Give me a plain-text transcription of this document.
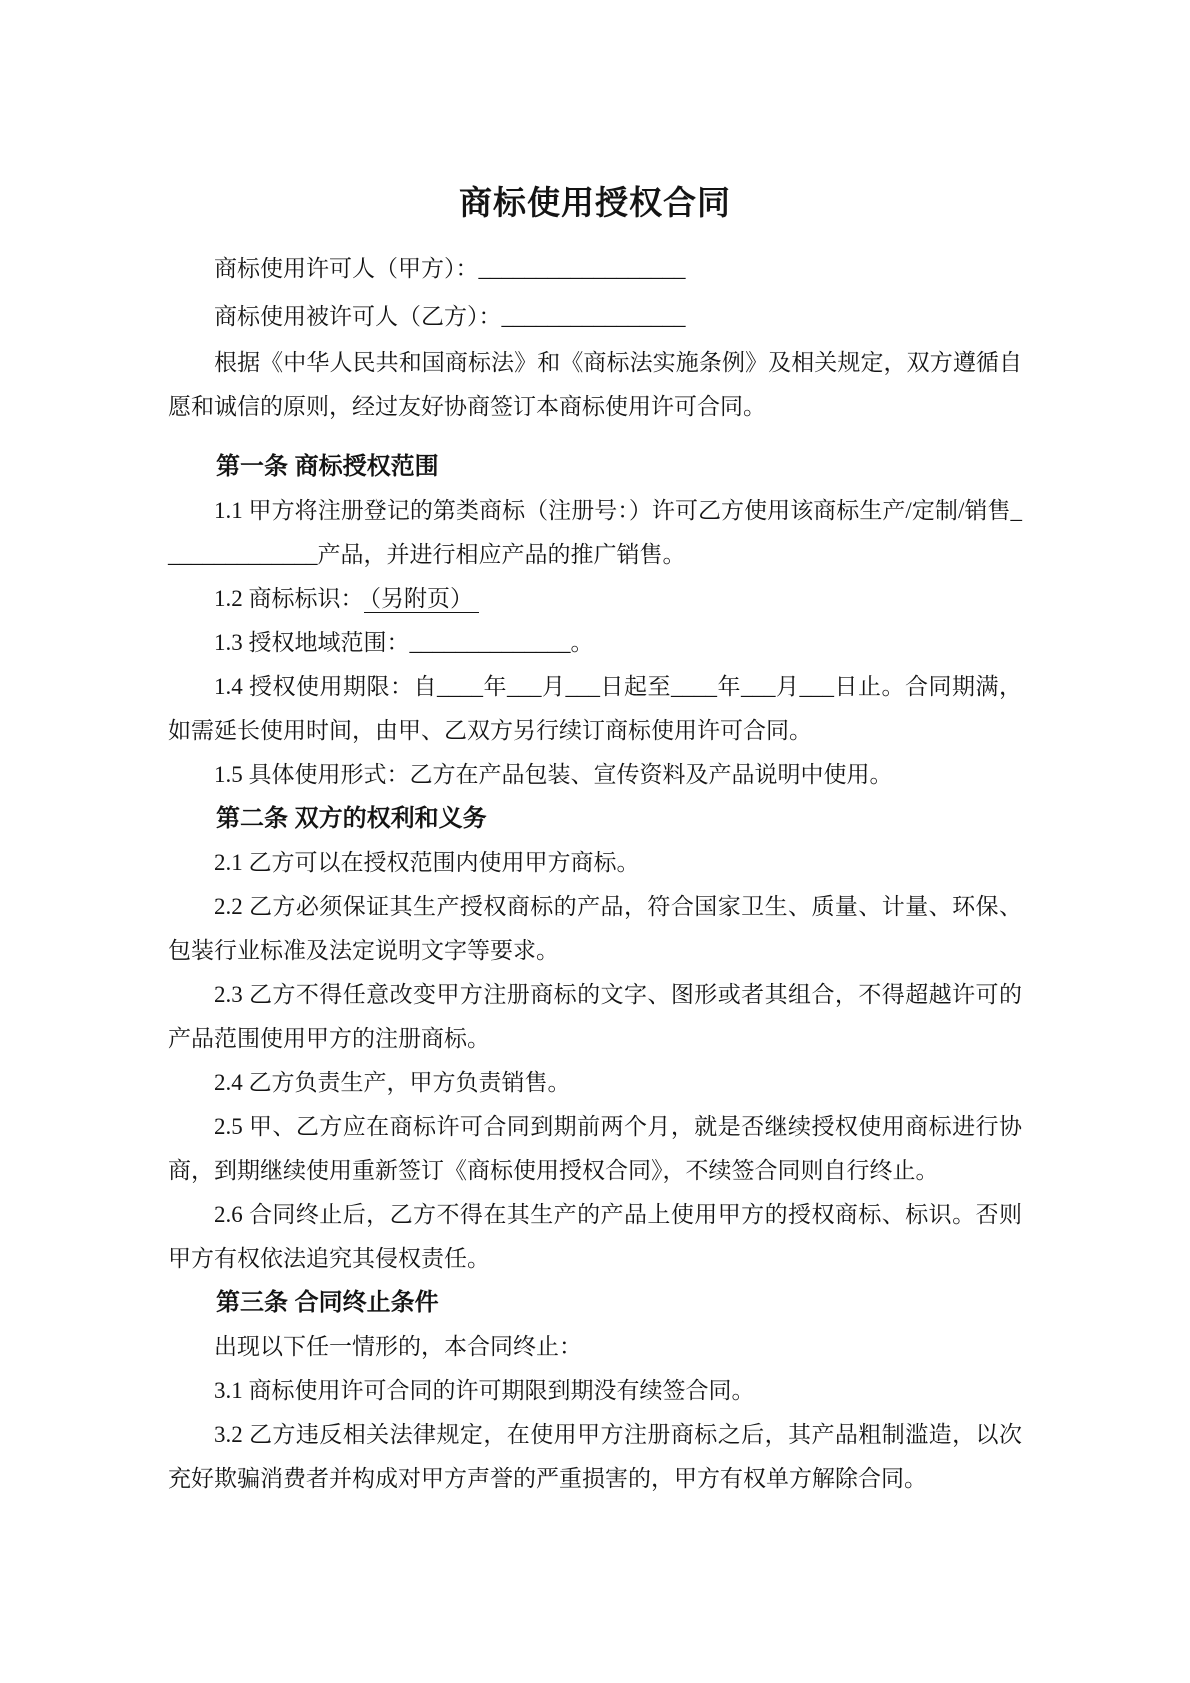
商标使用授权合同
商标使用许可人（甲方）：__________________
商标使用被许可人（乙方）：________________
根据《中华人民共和国商标法》和《商标法实施条例》及相关规定，双方遵循自愿和诚信的原则，经过友好协商签订本商标使用许可合同。
第一条 商标授权范围
1.1 甲方将注册登记的第类商标（注册号：）许可乙方使用该商标生产/定制/销售______________产品，并进行相应产品的推广销售。
1.2 商标标识： （另附页）
1.3 授权地域范围：______________。
1.4 授权使用期限：自____年___月___日起至____年___月___日止。合同期满，如需延长使用时间，由甲、乙双方另行续订商标使用许可合同。
1.5 具体使用形式：乙方在产品包装、宣传资料及产品说明中使用。
第二条 双方的权利和义务
2.1 乙方可以在授权范围内使用甲方商标。
2.2 乙方必须保证其生产授权商标的产品，符合国家卫生、质量、计量、环保、包装行业标准及法定说明文字等要求。
2.3 乙方不得任意改变甲方注册商标的文字、图形或者其组合，不得超越许可的产品范围使用甲方的注册商标。
2.4 乙方负责生产，甲方负责销售。
2.5 甲、乙方应在商标许可合同到期前两个月，就是否继续授权使用商标进行协商，到期继续使用重新签订《商标使用授权合同》，不续签合同则自行终止。
2.6 合同终止后，乙方不得在其生产的产品上使用甲方的授权商标、标识。否则甲方有权依法追究其侵权责任。
第三条 合同终止条件
出现以下任一情形的，本合同终止：
3.1 商标使用许可合同的许可期限到期没有续签合同。
3.2 乙方违反相关法律规定，在使用甲方注册商标之后，其产品粗制滥造，以次充好欺骗消费者并构成对甲方声誉的严重损害的，甲方有权单方解除合同。
